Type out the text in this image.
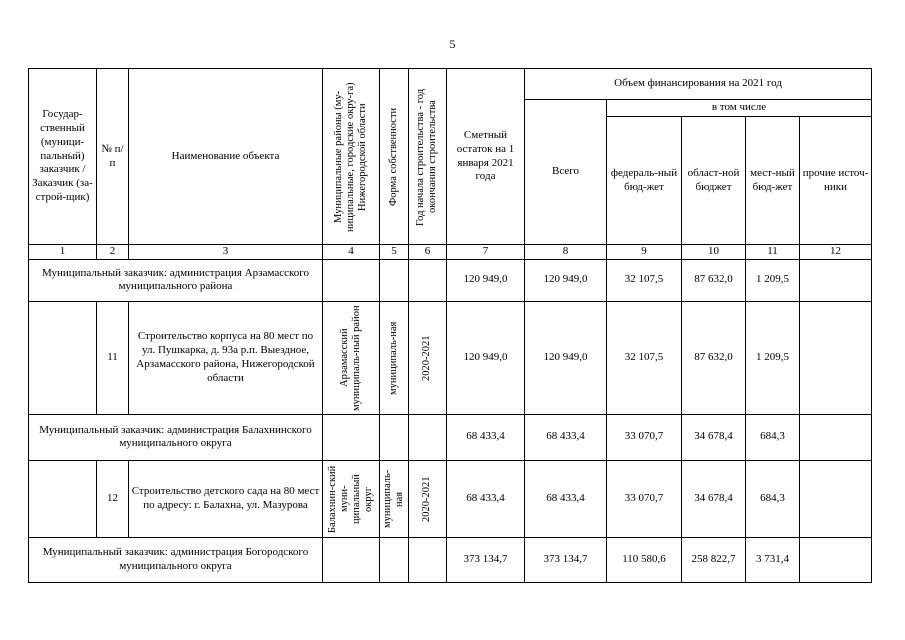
5
Государ-ственный (муници-пальный) заказчик / Заказчик (за-строй-щик)	№ п/п	Наименование объекта	Муниципальные районы (му-ниципальные, городские окру-га) Нижегородской области	Форма собственности	Год начала строительства - год окончания строительства	Сметный остаток на 1 января 2021 года	Объем финансирования на 2021 год				
							Всего	в том числе			
								федераль-ный бюд-жет	област-ной бюджет	мест-ный бюд-жет	прочие источ-ники
1	2	3	4	5	6	7	8	9	10	11	12
Муниципальный заказчик: администрация Арзамасского муниципального района						120 949,0	120 949,0	32 107,5	87 632,0	1 209,5	
	11	Строительство корпуса на 80 мест по ул. Пушкарка, д. 93а р.п. Выездное, Арзамасского района, Нижегородской области	Арзамасский муниципаль-ный район	муниципаль-ная	2020-2021	120 949,0	120 949,0	32 107,5	87 632,0	1 209,5	
Муниципальный заказчик: администрация Балахнинского муниципального округа						68 433,4	68 433,4	33 070,7	34 678,4	684,3	
	12	Строительство детского сада на 80 мест по адресу: г. Балахна, ул. Мазурова	Балахнин-ский муни-ципальный округ	муниципаль-ная	2020-2021	68 433,4	68 433,4	33 070,7	34 678,4	684,3	
Муниципальный заказчик: администрация Богородского муниципального округа						373 134,7	373 134,7	110 580,6	258 822,7	3 731,4	
